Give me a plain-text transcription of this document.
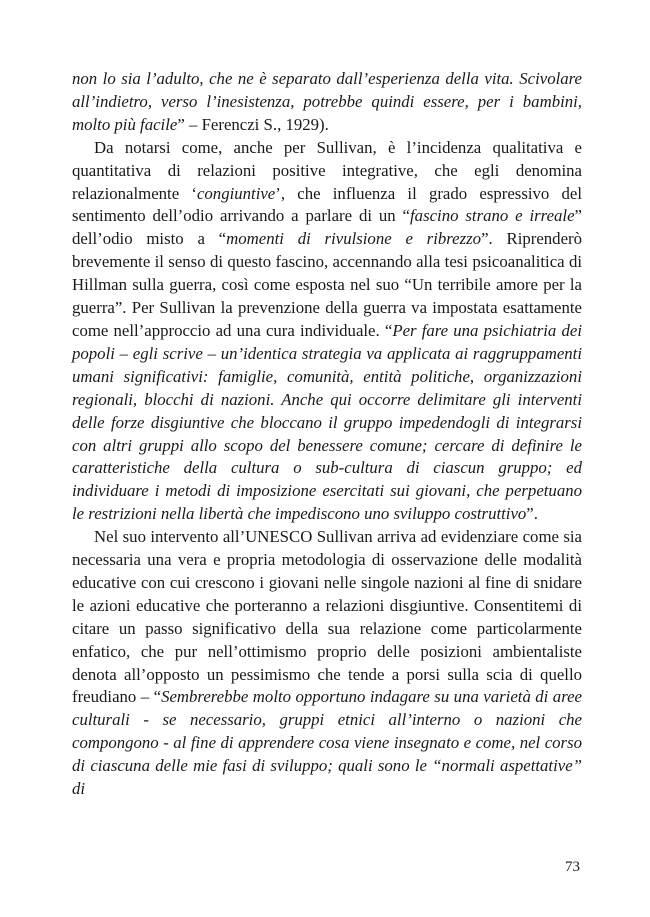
non lo sia l’adulto, che ne è separato dall’esperienza della vita. Scivolare all’indietro, verso l’inesistenza, potrebbe quindi essere, per i bambini, molto più facile” – Ferenczi S., 1929).

Da notarsi come, anche per Sullivan, è l’incidenza qualitativa e quantitativa di relazioni positive integrative, che egli denomina relazionalmente ‘congiuntive’, che influenza il grado espressivo del sentimento dell’odio arrivando a parlare di un “fascino strano e irreale” dell’odio misto a “momenti di rivulsione e ribrezzo”. Riprenderò brevemente il senso di questo fascino, accennando alla tesi psicoanalitica di Hillman sulla guerra, così come esposta nel suo “Un terribile amore per la guerra”. Per Sullivan la prevenzione della guerra va impostata esattamente come nell’approccio ad una cura individuale. “Per fare una psichiatria dei popoli – egli scrive – un’identica strategia va applicata ai raggruppamenti umani significativi: famiglie, comunità, entità politiche, organizzazioni regionali, blocchi di nazioni. Anche qui occorre delimitare gli interventi delle forze disgiuntive che bloccano il gruppo impedendogli di integrarsi con altri gruppi allo scopo del benessere comune; cercare di definire le caratteristiche della cultura o sub-cultura di ciascun gruppo; ed individuare i metodi di imposizione esercitati sui giovani, che perpetuano le restrizioni nella libertà che impediscono uno sviluppo costruttivo”.

Nel suo intervento all’UNESCO Sullivan arriva ad evidenziare come sia necessaria una vera e propria metodologia di osservazione delle modalità educative con cui crescono i giovani nelle singole nazioni al fine di snidare le azioni educative che porteranno a relazioni disgiuntive. Consentitemi di citare un passo significativo della sua relazione come particolarmente enfatico, che pur nell’ottimismo proprio delle posizioni ambientaliste denota all’opposto un pessimismo che tende a porsi sulla scia di quello freudiano – “Sembrerebbe molto opportuno indagare su una varietà di aree culturali - se necessario, gruppi etnici all’interno o nazioni che compongono - al fine di apprendere cosa viene insegnato e come, nel corso di ciascuna delle mie fasi di sviluppo; quali sono le “normali aspettative” di

73
